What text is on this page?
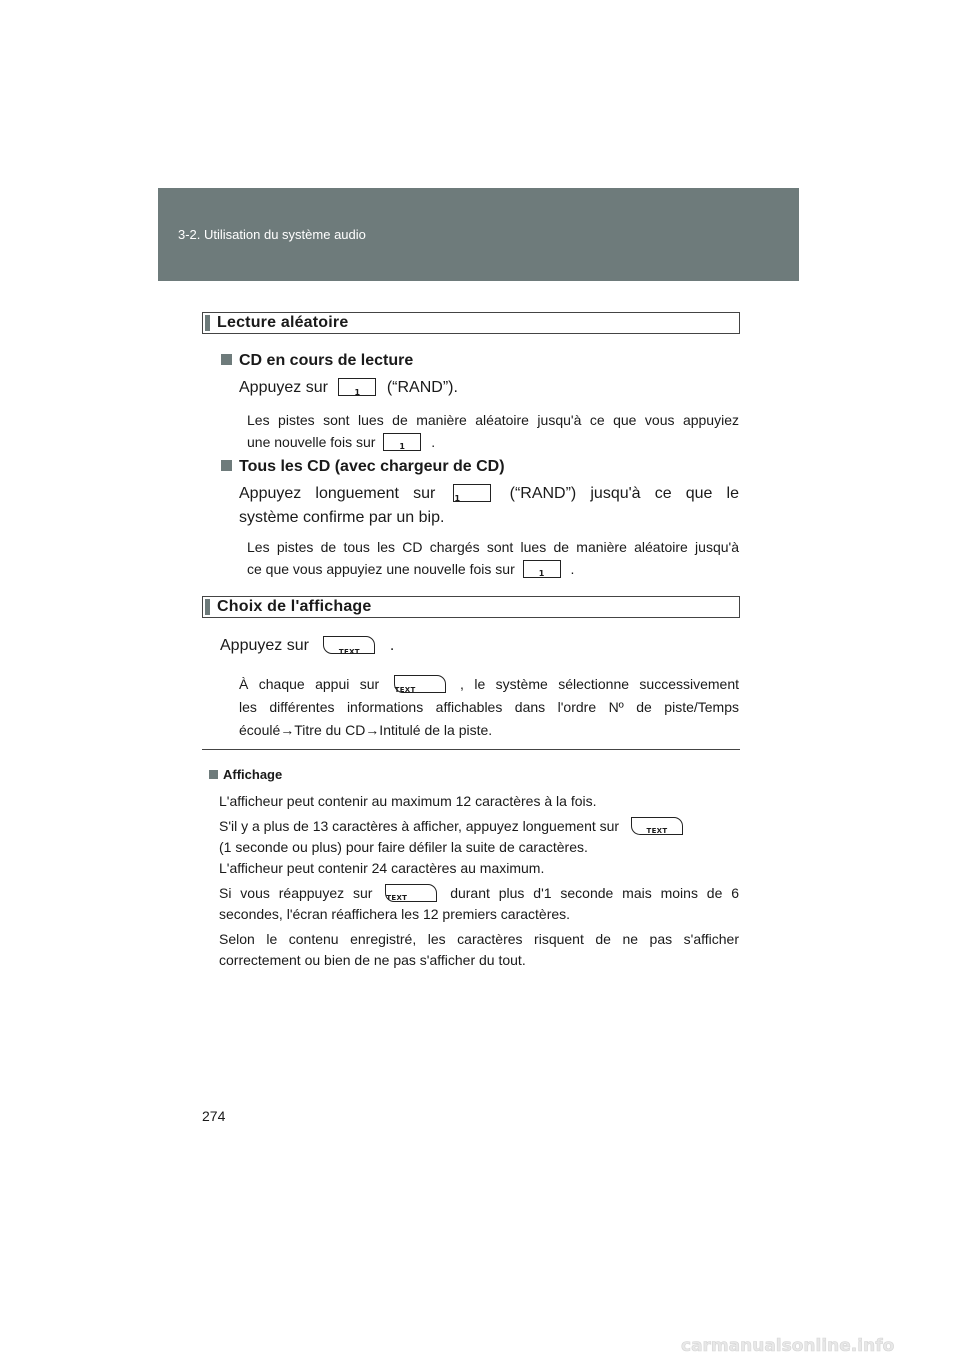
3-2. Utilisation du système audio
Lecture aléatoire
CD en cours de lecture
Appuyez sur	1	(“RAND”).
Les pistes sont lues de manière aléatoire jusqu'à ce que vous appuyiez
une nouvelle fois sur	1	.
Tous les CD (avec chargeur de CD)
Appuyez longuement sur 1	(“RAND”) jusqu'à ce que le
système confirme par un bip.
Les pistes de tous les CD chargés sont lues de manière aléatoire jusqu'à
ce que vous appuyiez une nouvelle fois sur	1	.
Choix de l'affichage
Appuyez sur	TEXT	.
À chaque appui sur TEXT	, le système sélectionne successivement
les différentes informations affichables dans l'ordre Nº de piste/Temps
écoulé→Titre du CD→Intitulé de la piste.
Affichage
L'afficheur peut contenir au maximum 12 caractères à la fois.
S'il y a plus de 13 caractères à afficher, appuyez longuement sur	TEXT
(1 seconde ou plus) pour faire défiler la suite de caractères.
L'afficheur peut contenir 24 caractères au maximum.
Si vous réappuyez sur TEXT	durant plus d'1 seconde mais moins de 6
secondes, l'écran réaffichera les 12 premiers caractères.
Selon le contenu enregistré, les caractères risquent de ne pas s'afficher
correctement ou bien de ne pas s'afficher du tout.
274
carmanualsonline.info
